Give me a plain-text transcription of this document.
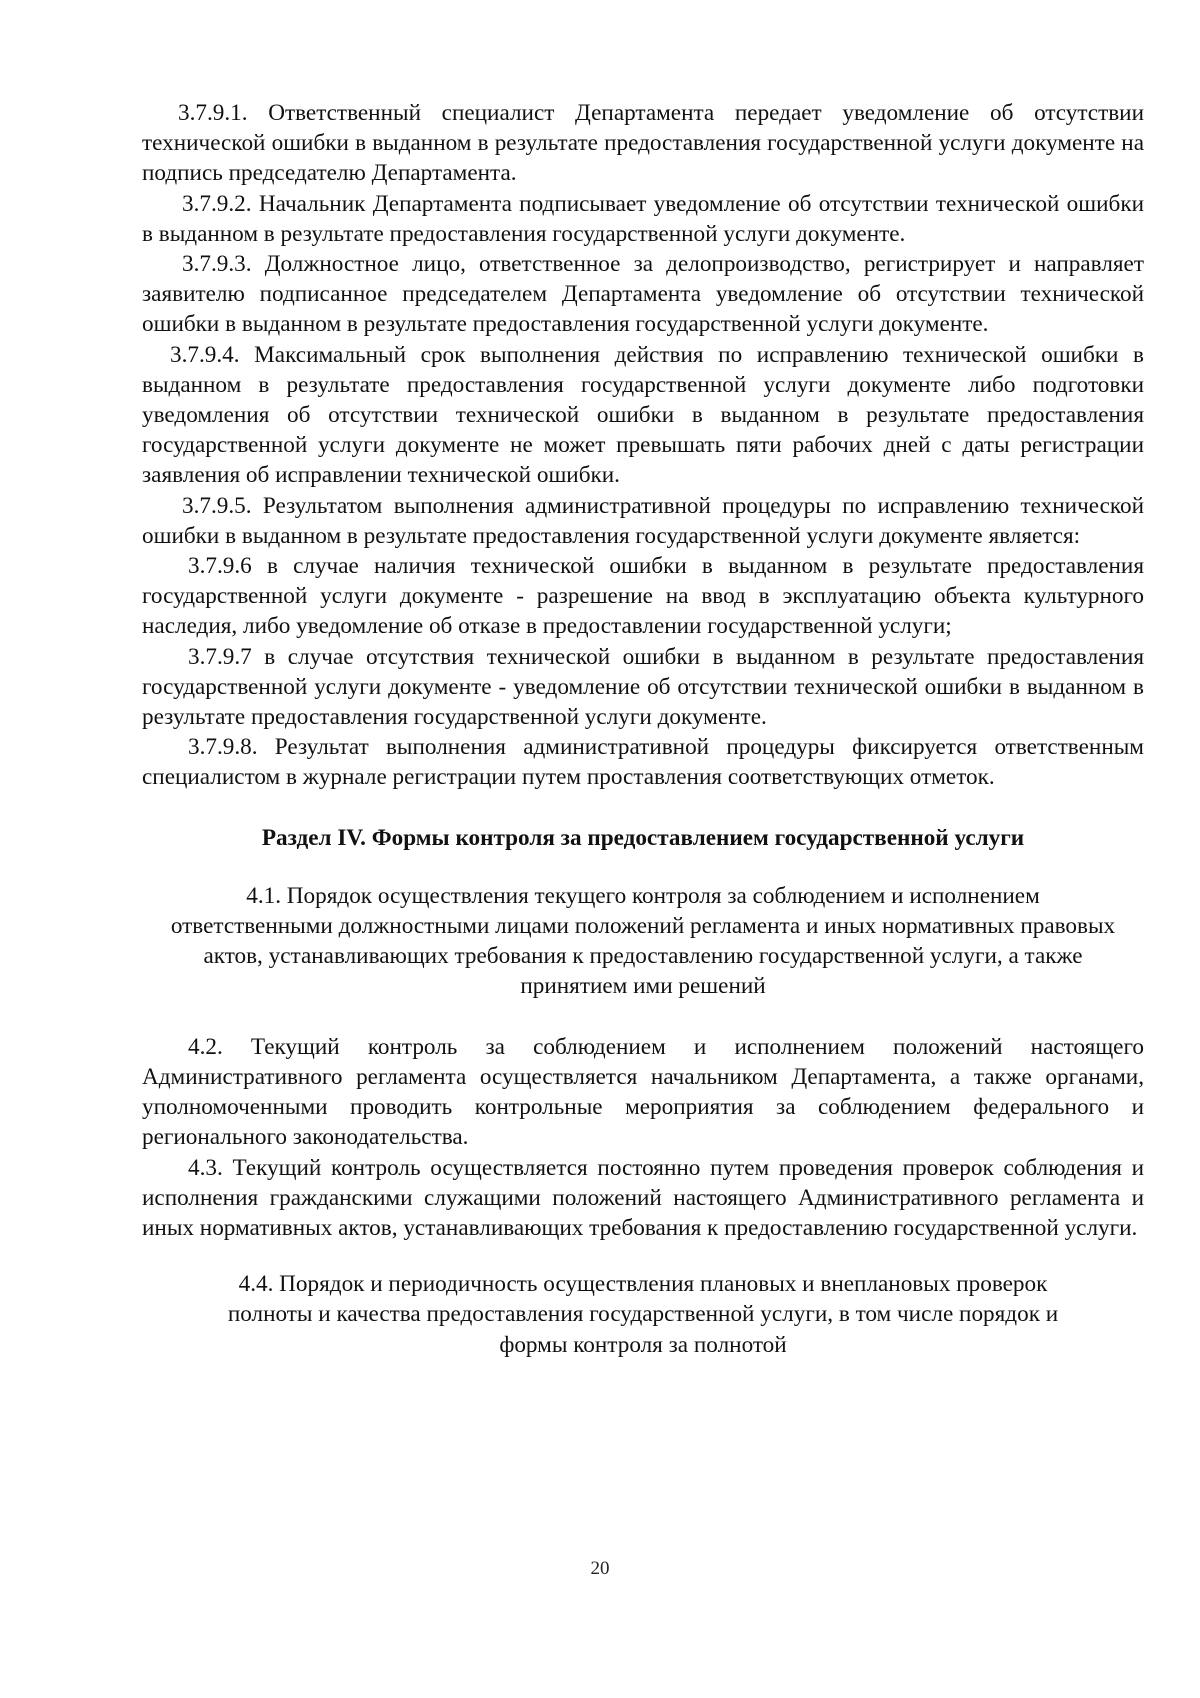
3.7.9.1. Ответственный специалист Департамента передает уведомление об отсутствии технической ошибки в выданном в результате предоставления государственной услуги документе на подпись председателю Департамента.

3.7.9.2. Начальник Департамента подписывает уведомление об отсутствии технической ошибки в выданном в результате предоставления государственной услуги документе.

3.7.9.3. Должностное лицо, ответственное за делопроизводство, регистрирует и направляет заявителю подписанное председателем Департамента уведомление об отсутствии технической ошибки в выданном в результате предоставления государственной услуги документе.

3.7.9.4. Максимальный срок выполнения действия по исправлению технической ошибки в выданном в результате предоставления государственной услуги документе либо подготовки уведомления об отсутствии технической ошибки в выданном в результате предоставления государственной услуги документе не может превышать пяти рабочих дней с даты регистрации заявления об исправлении технической ошибки.

3.7.9.5. Результатом выполнения административной процедуры по исправлению технической ошибки в выданном в результате предоставления государственной услуги документе является:

3.7.9.6 в случае наличия технической ошибки в выданном в результате предоставления государственной услуги документе - разрешение на ввод в эксплуатацию объекта культурного наследия, либо уведомление об отказе в предоставлении государственной услуги;

3.7.9.7 в случае отсутствия технической ошибки в выданном в результате предоставления государственной услуги документе - уведомление об отсутствии технической ошибки в выданном в результате предоставления государственной услуги документе.

3.7.9.8. Результат выполнения административной процедуры фиксируется ответственным специалистом в журнале регистрации путем проставления соответствующих отметок.

Раздел IV. Формы контроля за предоставлением государственной услуги

4.1. Порядок осуществления текущего контроля за соблюдением и исполнением ответственными должностными лицами положений регламента и иных нормативных правовых актов, устанавливающих требования к предоставлению государственной услуги, а также принятием ими решений

4.2. Текущий контроль за соблюдением и исполнением положений настоящего Административного регламента осуществляется начальником Департамента, а также органами, уполномоченными проводить контрольные мероприятия за соблюдением федерального и регионального законодательства.

4.3. Текущий контроль осуществляется постоянно путем проведения проверок соблюдения и исполнения гражданскими служащими положений настоящего Административного регламента и иных нормативных актов, устанавливающих требования к предоставлению государственной услуги.

4.4. Порядок и периодичность осуществления плановых и внеплановых проверок полноты и качества предоставления государственной услуги, в том числе порядок и формы контроля за полнотой

20
